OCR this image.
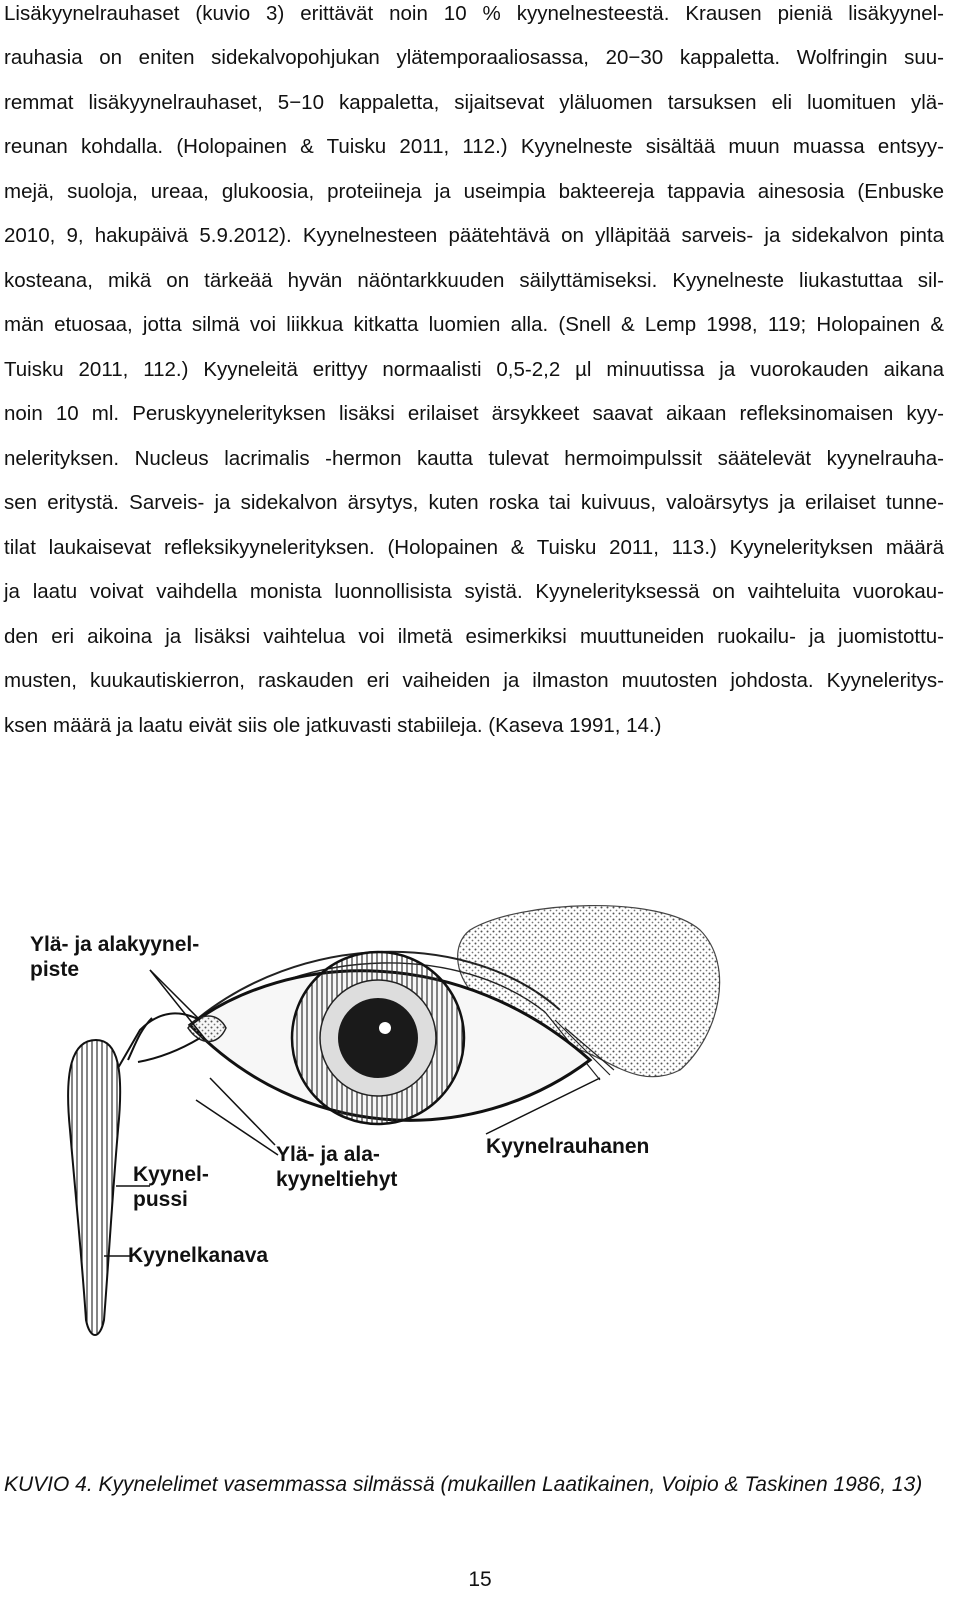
Lisäkyynelrauhaset (kuvio 3) erittävät noin 10 % kyynelnesteestä. Krausen pieniä lisäkyynel-
rauhasia on eniten sidekalvopohjukan ylätemporaaliosassa, 20−30 kappaletta. Wolfringin suu-
remmat lisäkyynelrauhaset, 5−10 kappaletta, sijaitsevat yläluomen tarsuksen eli luomituen ylä-
reunan kohdalla. (Holopainen & Tuisku 2011, 112.) Kyynelneste sisältää muun muassa entsyy-
mejä, suoloja, ureaa, glukoosia, proteiineja ja useimpia bakteereja tappavia ainesosia (Enbuske
2010, 9, hakupäivä 5.9.2012). Kyynelnesteen päätehtävä on ylläpitää sarveis- ja sidekalvon pinta
kosteana, mikä on tärkeää hyvän näöntarkkuuden säilyttämiseksi. Kyynelneste liukastuttaa sil-
män etuosaa, jotta silmä voi liikkua kitkatta luomien alla. (Snell & Lemp 1998, 119; Holopainen &
Tuisku 2011, 112.) Kyyneleitä erittyy normaalisti 0,5-2,2 µl minuutissa ja vuorokauden aikana
noin 10 ml. Peruskyynelerityksen lisäksi erilaiset ärsykkeet saavat aikaan refleksinomaisen kyy-
nelerityksen. Nucleus lacrimalis -hermon kautta tulevat hermoimpulssit säätelevät kyynelrauha-
sen eritystä. Sarveis- ja sidekalvon ärsytys, kuten roska tai kuivuus, valoärsytys ja erilaiset tunne-
tilat laukaisevat refleksikyynelerityksen. (Holopainen & Tuisku 2011, 113.) Kyynelerityksen määrä
ja laatu voivat vaihdella monista luonnollisista syistä. Kyynelerityksessä on vaihteluita vuorokau-
den eri aikoina ja lisäksi vaihtelua voi ilmetä esimerkiksi muuttuneiden ruokailu- ja juomistottu-
musten, kuukautiskierron, raskauden eri vaiheiden ja ilmaston muutosten johdosta. Kyyneleritys-
ksen määrä ja laatu eivät siis ole jatkuvasti stabiileja. (Kaseva 1991, 14.)
Ylä- ja alakyynel-
piste
Ylä- ja ala-
kyyneltiehyt
Kyynelrauhanen
Kyynel-
pussi
Kyynelkanava
KUVIO 4. Kyynelelimet vasemmassa silmässä (mukaillen Laatikainen, Voipio & Taskinen 1986, 13)
15
